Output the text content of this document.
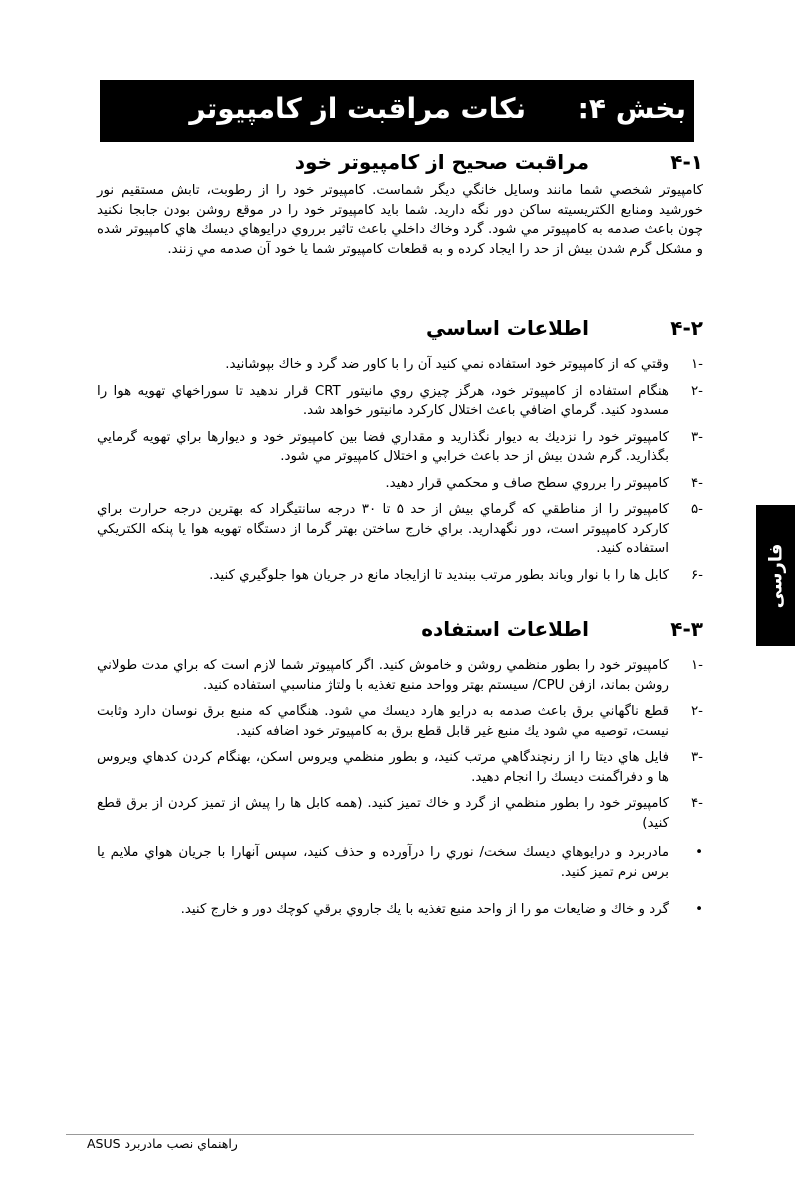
بخش ۴:
نكات مراقبت از كامپيوتر
۴-۱مراقبت صحيح از كامپيوتر خود
كامپيوتر شخصي شما مانند وسايل خانگي ديگر شماست. كامپيوتر خود را از رطوبت، تابش مستقيم نور خورشيد ومنابع الكتريسيته ساكن دور نگه داريد. شما بايد كامپيوتر خود را در موقع روشن بودن جابجا نكنيد چون باعث صدمه به كامپيوتر مي شود. گرد وخاك داخلي باعث تاثير برروي درايوهاي ديسك هاي كامپيوتر شده و مشكل گرم شدن بيش از حد را ايجاد كرده و به قطعات كامپيوتر شما يا خود آن صدمه مي زنند.
۴-۲اطلاعات اساسي
-۱
وقتي كه از كامپيوتر خود استفاده نمي كنيد آن را با كاور ضد گرد و خاك بپوشانيد.
-۲
هنگام استفاده از كامپيوتر خود، هرگز چيزي روي مانيتور CRT قرار ندهيد تا سوراخهاي تهويه هوا را مسدود كنيد. گرماي اضافي باعث اختلال كاركرد مانيتور خواهد شد.
-۳
كامپيوتر خود را نزديك به ديوار نگذاريد و مقداري فضا بين كامپيوتر خود و ديوارها براي تهويه گرمايي بگذاريد. گرم شدن بيش از حد باعث خرابي و اختلال كامپيوتر مي شود.
-۴
كامپيوتر را برروي سطح صاف و محكمي قرار دهيد.
-۵
كامپيوتر را از مناطقي كه گرماي بيش از حد ۵ تا ۳۰ درجه سانتيگراد كه بهترين درجه حرارت براي كاركرد كامپيوتر است، دور نگهداريد. براي خارج ساختن بهتر گرما از دستگاه تهويه هوا يا پنكه الكتريكي استفاده كنيد.
-۶
كابل ها را با نوار وباند بطور مرتب ببنديد تا ازايجاد مانع در جريان هوا جلوگيري كنيد.
۴-۳اطلاعات استفاده
-۱
كامپيوتر خود را بطور منظمي روشن و خاموش كنيد. اگر كامپيوتر شما لازم است كه براي مدت طولاني روشن بماند، ازفن CPU/ سيستم بهتر وواحد منبع تغذيه با ولتاژ مناسبي استفاده كنيد.
-۲
قطع ناگهاني برق باعث صدمه به درايو هارد ديسك مي شود. هنگامي كه منبع برق نوسان دارد وثابت نيست، توصيه مي شود يك منبع غير قابل قطع برق به كامپيوتر خود اضافه كنيد.
-۳
فايل هاي ديتا را از رنچندگاهي مرتب كنيد، و بطور منظمي ويروس اسكن، بهنگام كردن كدهاي ويروس ها و دفراگمنت ديسك را انجام دهيد.
-۴
كامپيوتر خود را بطور منظمي از گرد و خاك تميز كنيد. (همه كابل ها را پيش از تميز كردن از برق قطع كنيد)
•
مادربرد و درايوهاي ديسك سخت/ نوري را درآورده و حذف كنيد، سپس آنهارا با جريان هواي ملايم يا برس نرم تميز كنيد.
•
گرد و خاك و ضايعات مو را از واحد منبع تغذيه با يك جاروي برقي كوچك دور و خارج كنيد.
فارسى
راهنماي نصب مادربرد ASUS
